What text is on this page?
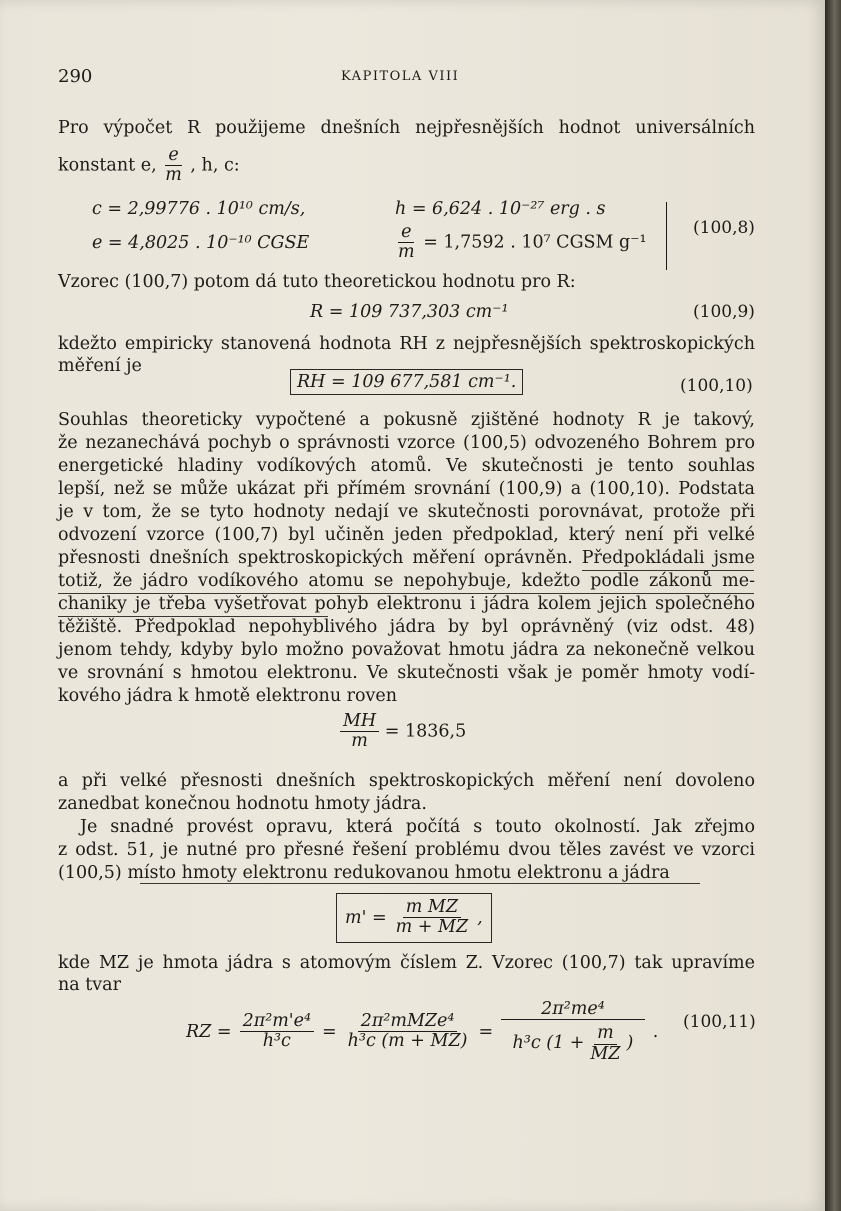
290	KAPITOLA VIII
Pro výpočet R použijeme dnešních nejpřesnějších hodnot universálních
konstant e, $\frac{e}{m}$ , h, c:
c = 2,99776 . 10¹⁰ cm/s,	h = 6,624 . 10⁻²⁷ erg . s
e = 4,8025 . 10⁻¹⁰ CGSE	$\frac{e}{m} = 1,7592$ . 10⁷ CGSM g⁻¹
(100,8)
Vzorec (100,7) potom dá tuto theoretickou hodnotu pro R:
R = 109 737,303 cm⁻¹	(100,9)
kdežto empiricky stanovená hodnota RH z nejpřesnějších spektroskopických
měření je
RH = 109 677,581 cm⁻¹.	(100,10)
Souhlas theoreticky vypočtené a pokusně zjištěné hodnoty R je takový,
že nezanechává pochyb o správnosti vzorce (100,5) odvozeného Bohrem pro
energetické hladiny vodíkových atomů. Ve skutečnosti je tento souhlas
lepší, než se může ukázat při přímém srovnání (100,9) a (100,10). Podstata
je v tom, že se tyto hodnoty nedají ve skutečnosti porovnávat, protože při
odvození vzorce (100,7) byl učiněn jeden předpoklad, který není při velké
přesnosti dnešních spektroskopických měření oprávněn. Předpokládali jsme
totiž, že jádro vodíkového atomu se nepohybuje, kdežto podle zákonů me-
chaniky je třeba vyšetřovat pohyb elektronu i jádra kolem jejich společného
těžiště. Předpoklad nepohyblivého jádra by byl oprávněný (viz odst. 48)
jenom tehdy, kdyby bylo možno považovat hmotu jádra za nekonečně velkou
ve srovnání s hmotou elektronu. Ve skutečnosti však je poměr hmoty vodí-
kového jádra k hmotě elektronu roven
$\frac{MH}{m} = 1836,5$
a při velké přesnosti dnešních spektroskopických měření není dovoleno
zanedbat konečnou hodnotu hmoty jádra.
Je snadné provést opravu, která počítá s touto okolností. Jak zřejmo
z odst. 51, je nutné pro přesné řešení problému dvou těles zavést ve vzorci
(100,5) místo hmoty elektronu redukovanou hmotu elektronu a jádra
$m' = \frac{\text{m MZ}}{m + MZ}$ ,
kde MZ je hmota jádra s atomovým číslem Z. Vzorec (100,7) tak upravíme
na tvar
RZ = $\frac{\text{2π²m'e⁴}}{\text{h³c}} = \frac{\text{2π²mMZe⁴}}{\text{h³c (m + MZ)}}$ =
2π²me⁴
h³c ($1 + \frac{m}{MZ}$ )
. (100,11)
